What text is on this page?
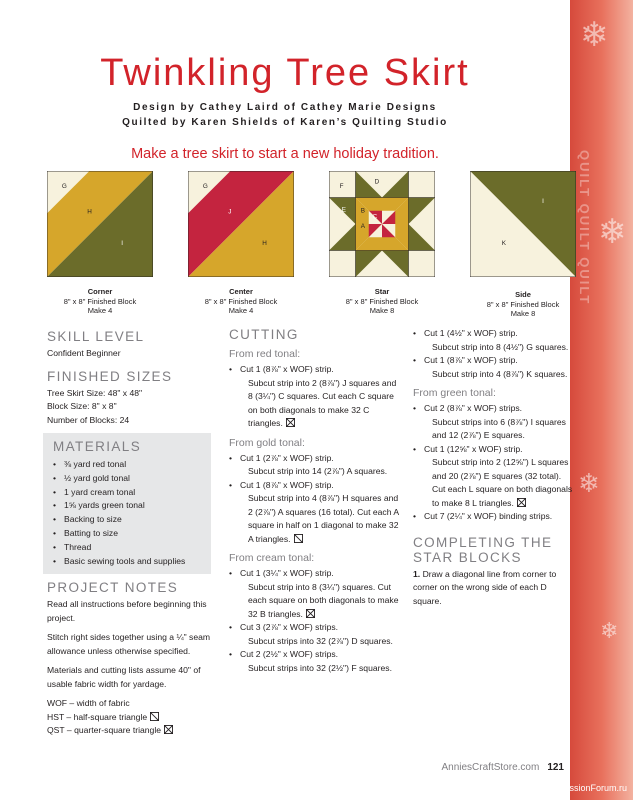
❄
❄
❄
❄
QUILT QUILT QUILT
Twinkling Tree Skirt
Design by Cathey Laird of Cathey Marie Designs
Quilted by Karen Shields of Karen’s Quilting Studio
Make a tree skirt to start a new holiday tradition.
G
H
I
G
J
H
F
D
B
A
C
E
I
K
Corner
8" x 8" Finished Block
Make 4
Center
8" x 8" Finished Block
Make 4
Star
8" x 8" Finished Block
Make 8
Side
8" x 8" Finished Block
Make 8
SKILL LEVEL

Confident Beginner

FINISHED SIZES

Tree Skirt Size: 48" x 48"

Block Size: 8" x 8"

Number of Blocks: 24

MATERIALS
• ⅜ yard red tonal
• ½ yard gold tonal
• 1 yard cream tonal
• 1⅝ yards green tonal
• Backing to size
• Batting to size
• Thread
• Basic sewing tools and supplies
PROJECT NOTES

Read all instructions before beginning this project.

Stitch right sides together using a ¼" seam allowance unless otherwise specified.

Materials and cutting lists assume 40" of usable fabric width for yardage.

WOF – width of fabric

HST – half-square triangle

QST – quarter-square triangle

CUTTING
From red tonal:
• Cut 1 (8⅞" x WOF) strip.
Subcut strip into 2 (8⅞") J squares and 8 (3¼") C squares. Cut each C square on both diagonals to make 32 C triangles.
From gold tonal:
• Cut 1 (2⅞" x WOF) strip.
Subcut strip into 14 (2⅞") A squares.
• Cut 1 (8⅞" x WOF) strip.
Subcut strip into 4 (8⅞") H squares and 2 (2⅞") A squares (16 total). Cut each A square in half on 1 diagonal to make 32 A triangles.
From cream tonal:
• Cut 1 (3¼" x WOF) strip.
Subcut strip into 8 (3¼") squares. Cut each square on both diagonals to make 32 B triangles.
• Cut 3 (2⅞" x WOF) strips.
Subcut strips into 32 (2⅞") D squares.
• Cut 2 (2½" x WOF) strips.
Subcut strips into 32 (2½") F squares.
• Cut 1 (4½" x WOF) strip.
Subcut strip into 8 (4½") G squares.
• Cut 1 (8⅞" x WOF) strip.
Subcut strip into 4 (8⅞") K squares.
From green tonal:
• Cut 2 (8⅞" x WOF) strips.
Subcut strips into 6 (8⅞") I squares and 12 (2⅞") E squares.
• Cut 1 (12⅝" x WOF) strip.
Subcut strip into 2 (12⅝") L squares and 20 (2⅞") E squares (32 total). Cut each L square on both diagonals to make 8 L triangles.
• Cut 7 (2¼" x WOF) binding strips.
COMPLETING THE STAR BLOCKS

1. Draw a diagonal line from corner to corner on the wrong side of each D square.

AnniesCraftStore.com 121
PassionForum.ru
